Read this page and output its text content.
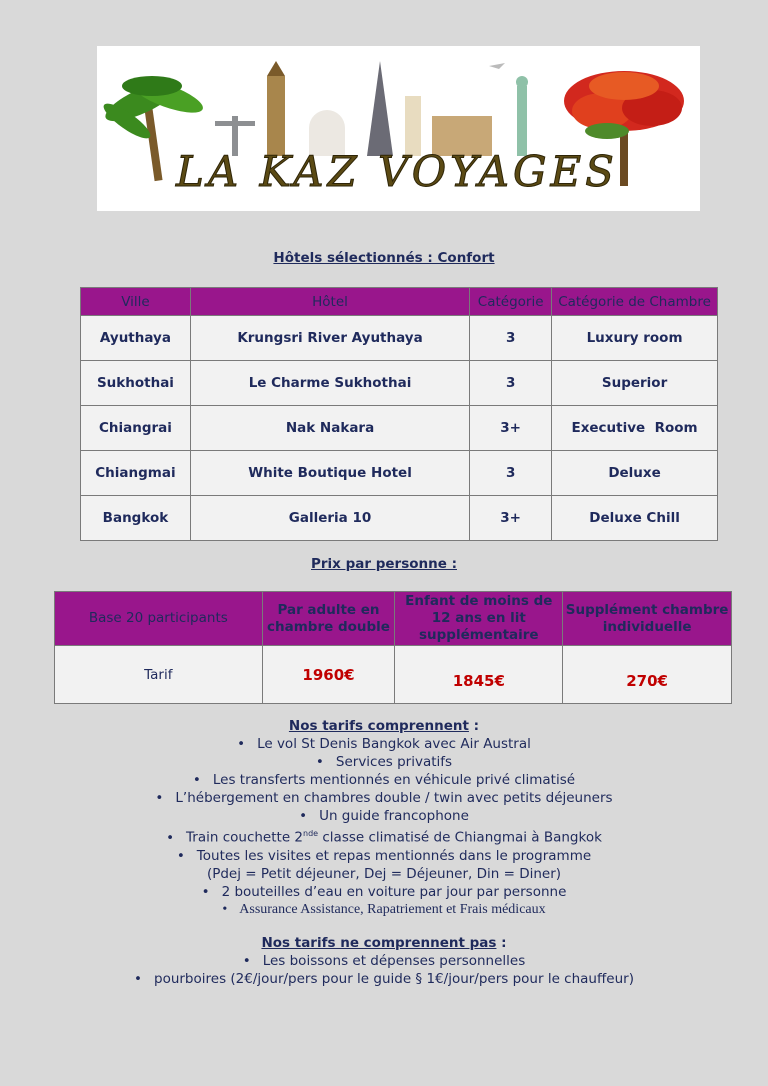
LA KAZ VOYAGES
Hôtels sélectionnés : Confort
Ville	Hôtel	Catégorie	Catégorie de Chambre
Ayuthaya	Krungsri River Ayuthaya	3	Luxury room
Sukhothai	Le Charme Sukhothai	3	Superior
Chiangrai	Nak Nakara	3+	Executive  Room
Chiangmai	White Boutique Hotel	3	Deluxe
Bangkok	Galleria 10	3+	Deluxe Chill
Prix par personne :
Base 20 participants	Par adulte en chambre double	Enfant de moins de 12 ans en lit supplémentaire	Supplément chambre individuelle
Tarif	1960€	1845€	270€
Nos tarifs comprennent :
• Le vol St Denis Bangkok avec Air Austral
• Services privatifs
• Les transferts mentionnés en véhicule privé climatisé
• L’hébergement en chambres double / twin avec petits déjeuners
• Un guide francophone
• Train couchette 2nde classe climatisé de Chiangmai à Bangkok
• Toutes les visites et repas mentionnés dans le programme
(Pdej = Petit déjeuner, Dej = Déjeuner, Din = Diner)
• 2 bouteilles d’eau en voiture par jour par personne
• Assurance Assistance, Rapatriement et Frais médicaux
Nos tarifs ne comprennent pas :
• Les boissons et dépenses personnelles
• pourboires (2€/jour/pers pour le guide § 1€/jour/pers pour le chauffeur)
